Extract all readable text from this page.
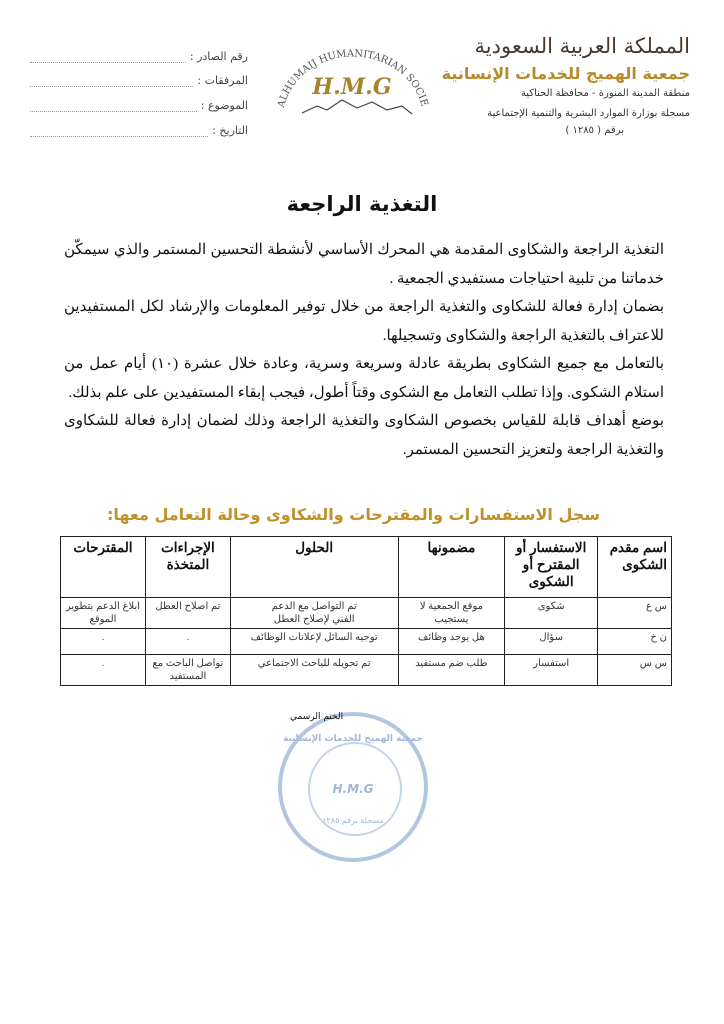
المملكة العربية السعودية
جمعية الهميج للخدمات الإنسانية
منطقة المدينة المنورة - محافظة الحناكية
مسجلة بوزارة الموارد البشرية والتنمية الإجتماعية
برقم ( ١٢٨٥ )
ALHUMAIJ HUMANITARIAN SOCIE
H.M.G
رقم الصادر :
المرفقات :
الموضوع :
التاريخ :
التغذية الراجعة

التغذية الراجعة والشكاوى المقدمة هي المحرك الأساسي لأنشطة التحسين المستمر والذي سيمكّن خدماتنا من تلبية احتياجات مستفيدي الجمعية .

بضمان إدارة فعالة للشكاوى والتغذية الراجعة من خلال توفير المعلومات والإرشاد لكل المستفيدين للاعتراف بالتغذية الراجعة والشكاوى وتسجيلها.

بالتعامل مع جميع الشكاوى بطريقة عادلة وسريعة وسرية، وعادة خلال عشرة (١٠) أيام عمل من استلام الشكوى. وإذا تطلب التعامل مع الشكوى وقتاً أطول، فيجب إبقاء المستفيدين على علم بذلك.

بوضع أهداف قابلة للقياس بخصوص الشكاوى والتغذية الراجعة وذلك لضمان إدارة فعالة للشكاوى والتغذية الراجعة ولتعزيز التحسين المستمر.

سجل الاستفسارات والمقترحات والشكاوى وحالة التعامل معها:
اسم مقدم الشكوى	الاستفسار أو المقترح أو الشكوى	مضمونها	الحلول	الإجراءات المتخذة	المقترحات
س ع	شكوى	موقع الجمعية لا يستجيب	تم التواصل مع الدعم الفني لإصلاح العطل	تم اصلاح العطل	ابلاغ الدعم بتطوير الموقع
ن خ	سؤال	هل يوجد وظائف	توجيه السائل لإعلانات الوظائف	.	.
س س	استفسار	طلب ضم مستفيد	تم تحويله للباحث الاجتماعي	تواصل الباحث مع المستفيد	.
جمعية الهميج للخدمات الإنسانية
H.M.G
مسجلة برقم ١٢٨٥
الختم الرسمي
